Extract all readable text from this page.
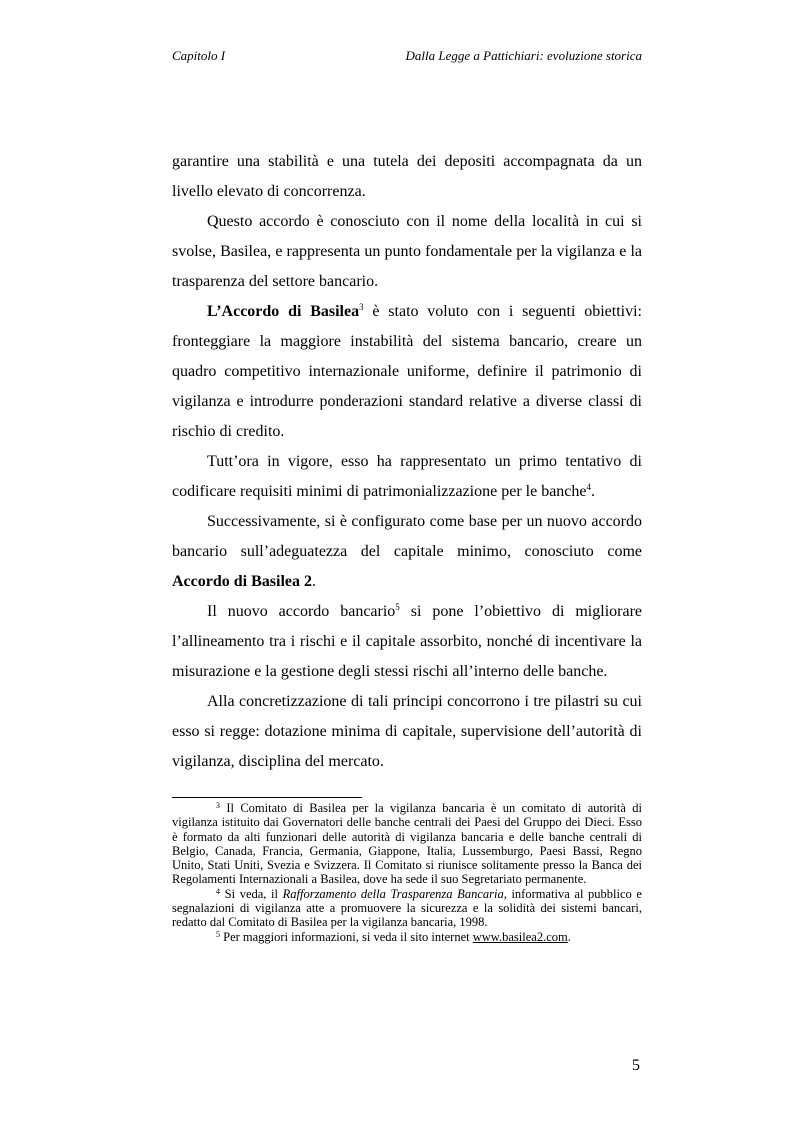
Capitolo I	Dalla Legge a Pattichiari: evoluzione storica

garantire una stabilità e una tutela dei depositi accompagnata da un livello elevato di concorrenza.

Questo accordo è conosciuto con il nome della località in cui si svolse, Basilea, e rappresenta un punto fondamentale per la vigilanza e la trasparenza del settore bancario.

L’Accordo di Basilea$^3$ è stato voluto con i seguenti obiettivi: fronteggiare la maggiore instabilità del sistema bancario, creare un quadro competitivo internazionale uniforme, definire il patrimonio di vigilanza e introdurre ponderazioni standard relative a diverse classi di rischio di credito.

Tutt’ora in vigore, esso ha rappresentato un primo tentativo di codificare requisiti minimi di patrimonializzazione per le banche$^4$.

Successivamente, si è configurato come base per un nuovo accordo bancario sull’adeguatezza del capitale minimo, conosciuto come Accordo di Basilea 2.

Il nuovo accordo bancario$^5$ si pone l’obiettivo di migliorare l’allineamento tra i rischi e il capitale assorbito, nonché di incentivare la misurazione e la gestione degli stessi rischi all’interno delle banche.

Alla concretizzazione di tali principi concorrono i tre pilastri su cui esso si regge: dotazione minima di capitale, supervisione dell’autorità di vigilanza, disciplina del mercato.

$^3$ Il Comitato di Basilea per la vigilanza bancaria è un comitato di autorità di vigilanza istituito dai Governatori delle banche centrali dei Paesi del Gruppo dei Dieci. Esso è formato da alti funzionari delle autorità di vigilanza bancaria e delle banche centrali di Belgio, Canada, Francia, Germania, Giappone, Italia, Lussemburgo, Paesi Bassi, Regno Unito, Stati Uniti, Svezia e Svizzera. Il Comitato si riunisce solitamente presso la Banca dei Regolamenti Internazionali a Basilea, dove ha sede il suo Segretariato permanente.

$^4$ Si veda, il Rafforzamento della Trasparenza Bancaria, informativa al pubblico e segnalazioni di vigilanza atte a promuovere la sicurezza e la solidità dei sistemi bancari, redatto dal Comitato di Basilea per la vigilanza bancaria, 1998.

$^5$ Per maggiori informazioni, si veda il sito internet www.basilea2.com.

5
